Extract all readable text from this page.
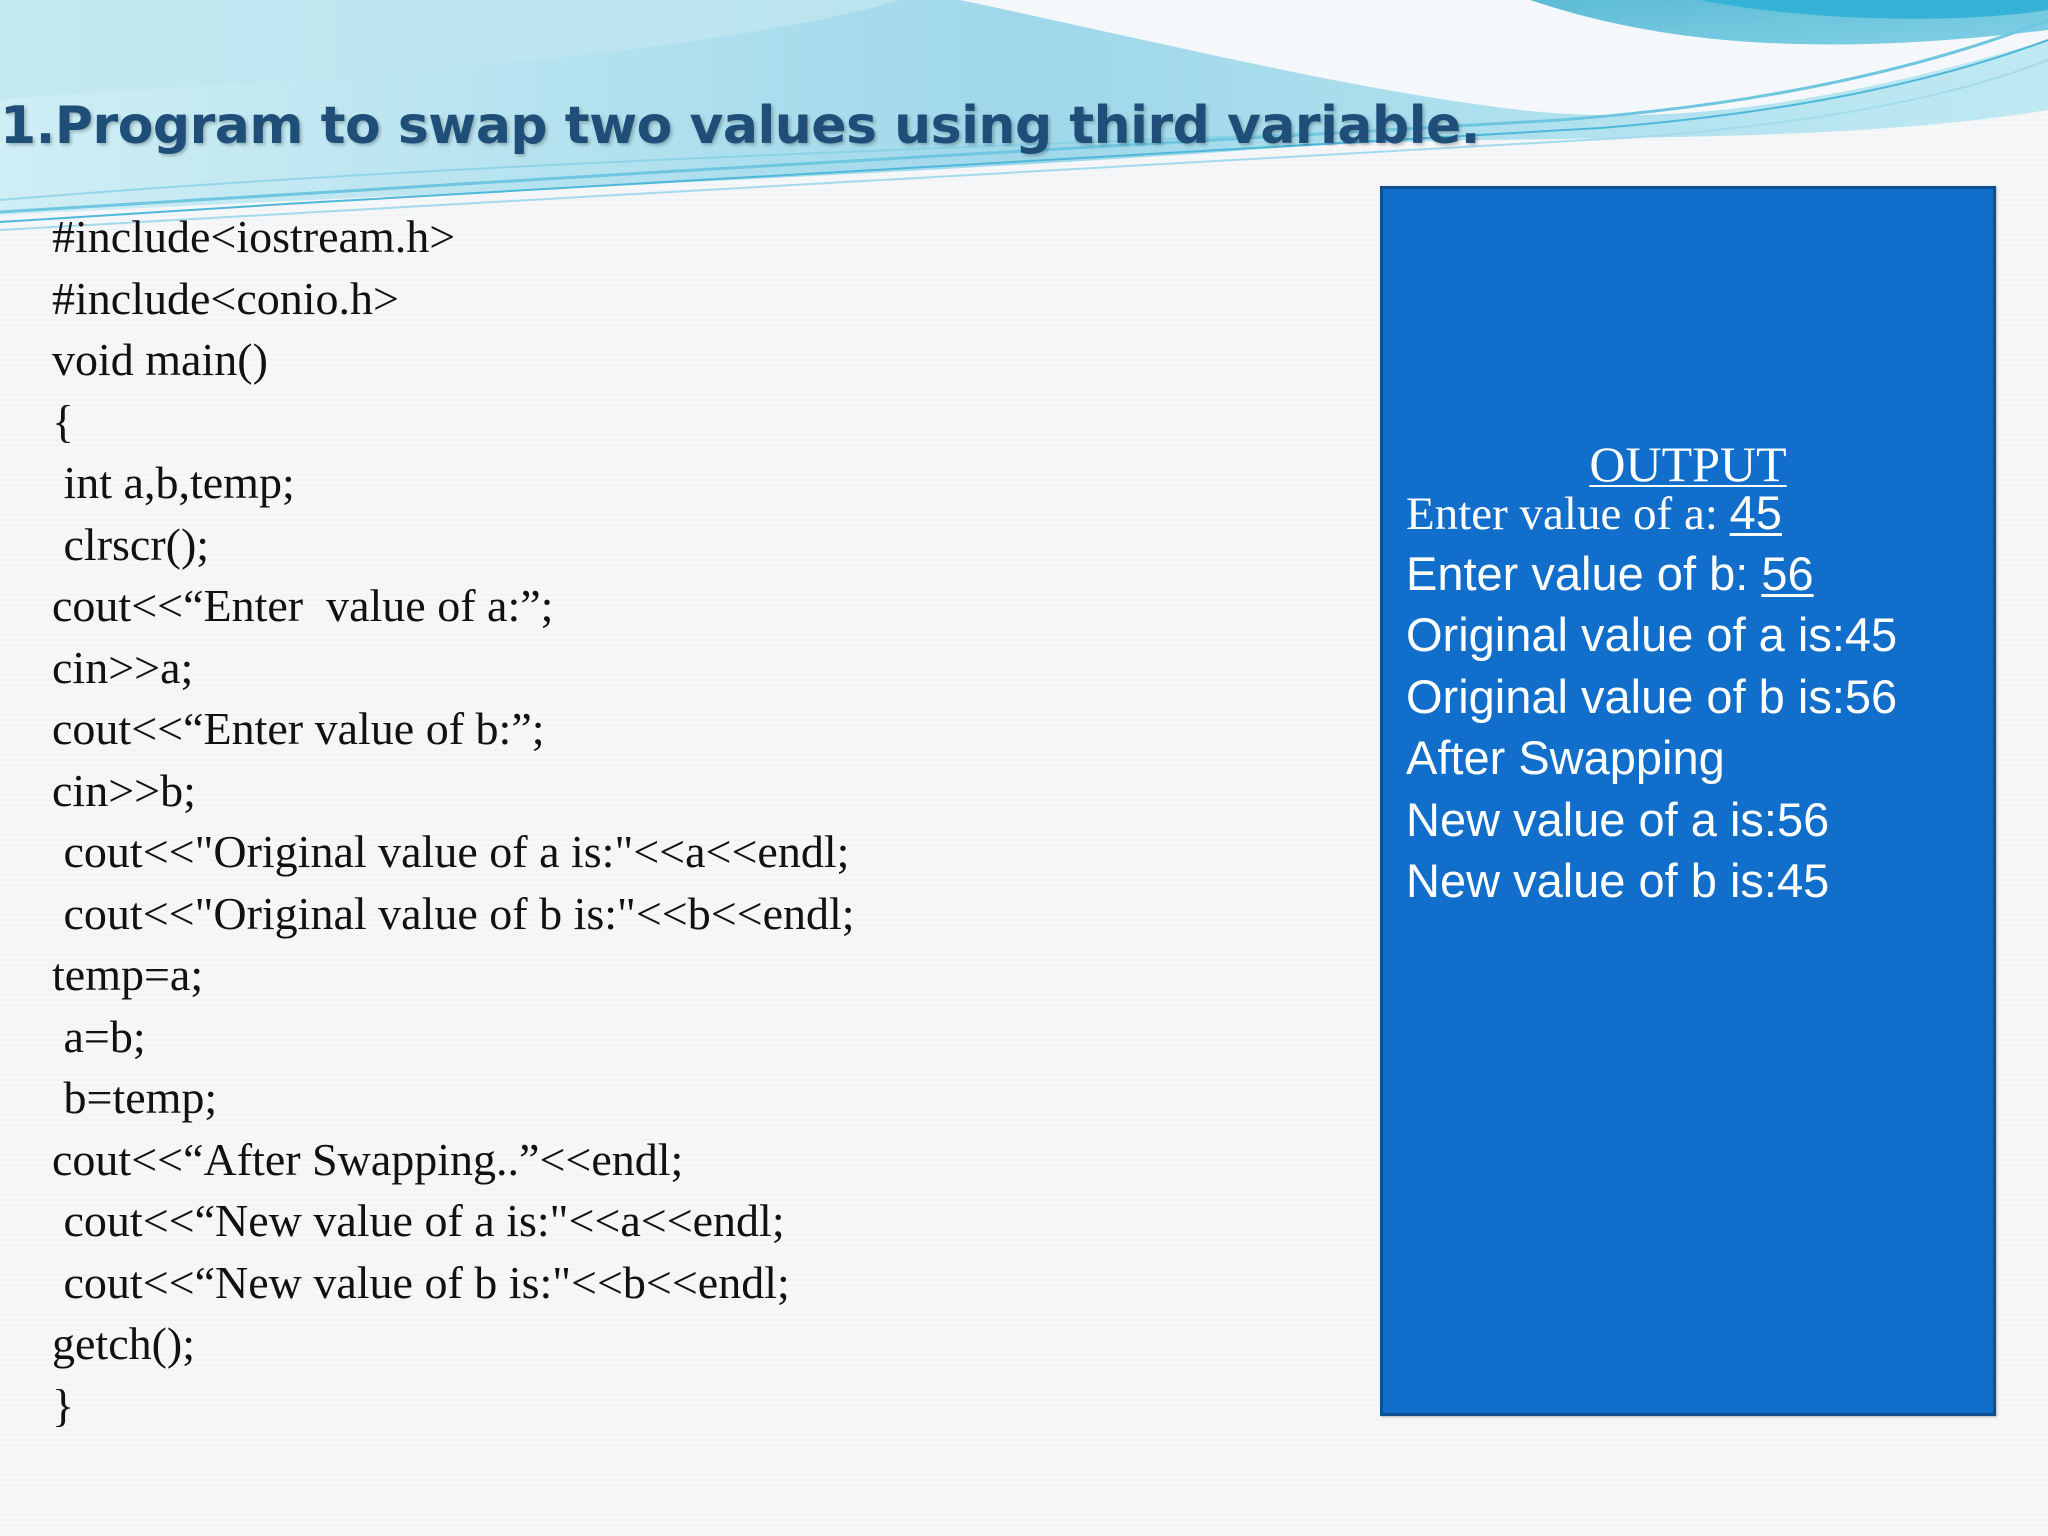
1.Program to swap two values using third variable.
#include<iostream.h>
#include<conio.h>
void main()
{
int a,b,temp;
clrscr();
cout<<“Enter  value of a:”;
cin>>a;
cout<<“Enter value of b:”;
cin>>b;
cout<<"Original value of a is:"<<a<<endl;
cout<<"Original value of b is:"<<b<<endl;
temp=a;
a=b;
b=temp;
cout<<“After Swapping..”<<endl;
cout<<“New value of a is:"<<a<<endl;
cout<<“New value of b is:"<<b<<endl;
getch();
}
OUTPUT
Enter value of a: 45
Enter value of b: 56
Original value of a is:45
Original value of b is:56
After Swapping
New value of a is:56
New value of b is:45
